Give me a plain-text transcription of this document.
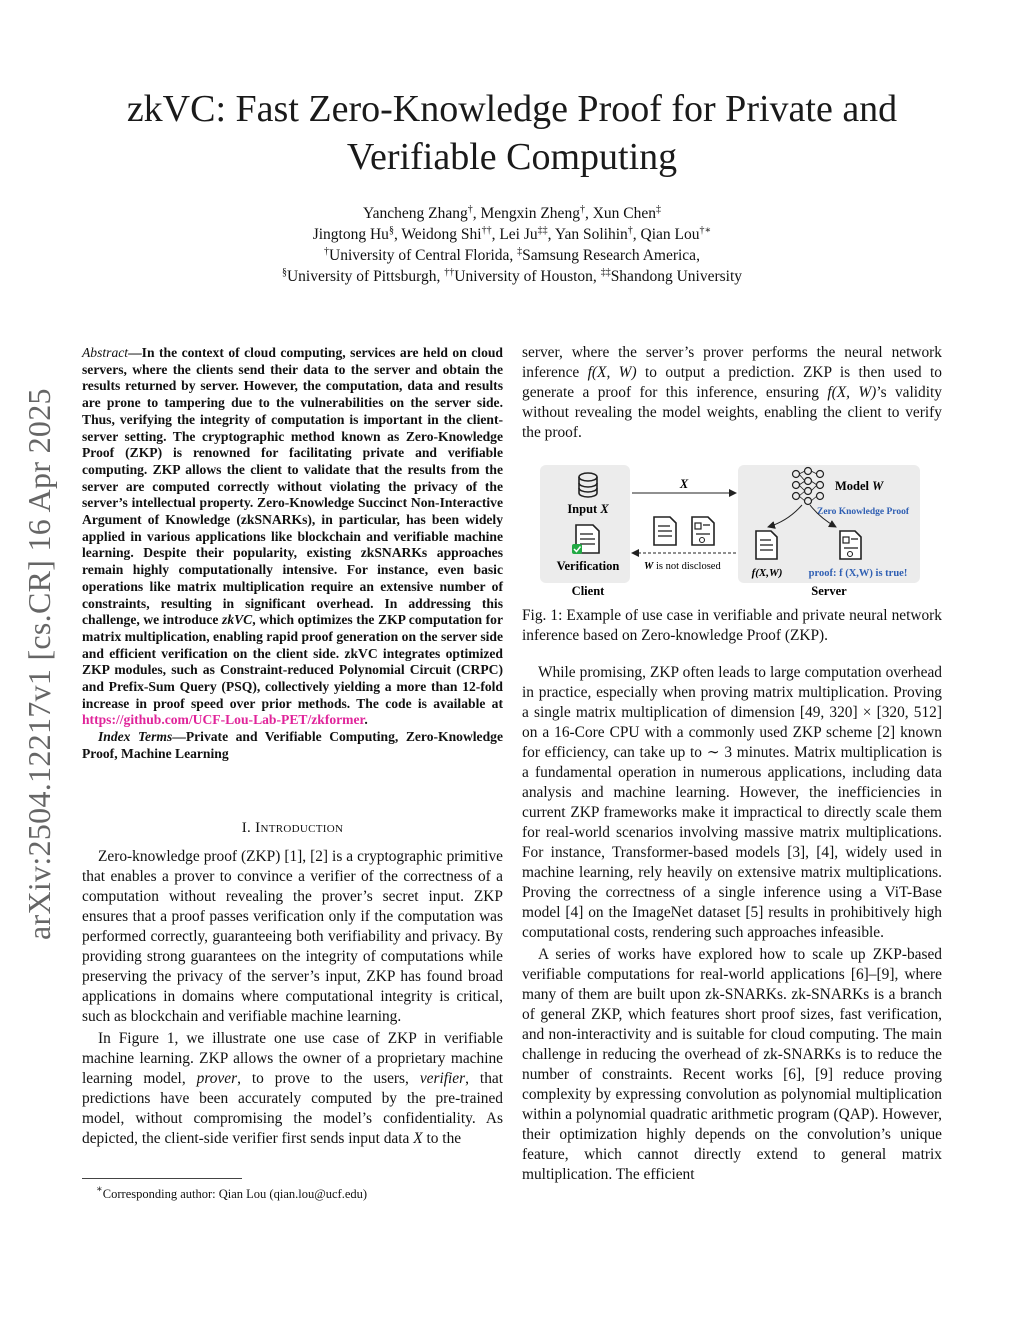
zkVC: Fast Zero-Knowledge Proof for Private and
Verifiable Computing
Yancheng Zhang†, Mengxin Zheng†, Xun Chen‡
Jingtong Hu§, Weidong Shi††, Lei Ju‡‡, Yan Solihin†, Qian Lou†∗
†University of Central Florida, ‡Samsung Research America,
§University of Pittsburgh, ††University of Houston, ‡‡Shandong University
arXiv:2504.12217v1 [cs.CR] 16 Apr 2025
Abstract—In the context of cloud computing, services are held on cloud servers, where the clients send their data to the server and obtain the results returned by server. However, the computation, data and results are prone to tampering due to the vulnerabilities on the server side. Thus, verifying the integrity of computation is important in the client-server setting. The cryptographic method known as Zero-Knowledge Proof (ZKP) is renowned for facilitating private and verifiable computing. ZKP allows the client to validate that the results from the server are computed correctly without violating the privacy of the server’s intellectual property. Zero-Knowledge Succinct Non-Interactive Argument of Knowledge (zkSNARKs), in particular, has been widely applied in various applications like blockchain and verifiable machine learning. Despite their popularity, existing zkSNARKs approaches remain highly computationally intensive. For instance, even basic operations like matrix multiplication require an extensive number of constraints, resulting in significant overhead. In addressing this challenge, we introduce zkVC, which optimizes the ZKP computation for matrix multiplication, enabling rapid proof generation on the server side and efficient verification on the client side. zkVC integrates optimized ZKP modules, such as Constraint-reduced Polynomial Circuit (CRPC) and Prefix-Sum Query (PSQ), collectively yielding a more than 12-fold increase in proof speed over prior methods. The code is available at https://github.com/UCF-Lou-Lab-PET/zkformer.
Index Terms—Private and Verifiable Computing, Zero-Knowledge Proof, Machine Learning
I. Introduction

Zero-knowledge proof (ZKP) [1], [2] is a cryptographic primitive that enables a prover to convince a verifier of the correctness of a computation without revealing the prover’s secret input. ZKP ensures that a proof passes verification only if the computation was performed correctly, guaranteeing both verifiability and privacy. By providing strong guarantees on the integrity of computations while preserving the privacy of the server’s input, ZKP has found broad applications in domains where computational integrity is critical, such as blockchain and verifiable machine learning.

In Figure 1, we illustrate one use case of ZKP in verifiable machine learning. ZKP allows the owner of a proprietary machine learning model, prover, to prove to the users, verifier, that predictions have been accurately computed by the pre-trained model, without compromising the model’s confidentiality. As depicted, the client-side verifier first sends input data X to the

∗Corresponding author: Qian Lou (qian.lou@ucf.edu)

server, where the server’s prover performs the neural network inference f(X, W) to output a prediction. ZKP is then used to generate a proof for this inference, ensuring f(X, W)’s validity without revealing the model weights, enabling the client to verify the proof.

Input X
Verification
Client
X
W is not disclosed
Model W
Zero Knowledge Proof
f(X,W) proof: f (X,W) is true!
Server
Fig. 1: Example of use case in verifiable and private neural network inference based on Zero-knowledge Proof (ZKP).

While promising, ZKP often leads to large computation overhead in practice, especially when proving matrix multiplication. Proving a single matrix multiplication of dimension [49, 320] × [320, 512] on a 16-Core CPU with a commonly used ZKP scheme [2] known for efficiency, can take up to ∼ 3 minutes. Matrix multiplication is a fundamental operation in numerous applications, including data analysis and machine learning. However, the inefficiencies in current ZKP frameworks make it impractical to directly scale them for real-world scenarios involving massive matrix multiplications. For instance, Transformer-based models [3], [4], widely used in machine learning, rely heavily on extensive matrix multiplications. Proving the correctness of a single inference using a ViT-Base model [4] on the ImageNet dataset [5] results in prohibitively high computational costs, rendering such approaches infeasible.

A series of works have explored how to scale up ZKP-based verifiable computations for real-world applications [6]–[9], where many of them are built upon zk-SNARKs. zk-SNARKs is a branch of general ZKP, which features short proof sizes, fast verification, and non-interactivity and is suitable for cloud computing. The main challenge in reducing the overhead of zk-SNARKs is to reduce the number of constraints. Recent works [6], [9] reduce proving complexity by expressing convolution as polynomial multiplication within a polynomial quadratic arithmetic program (QAP). However, their optimization highly depends on the convolution’s unique feature, which cannot directly extend to general matrix multiplication. The efficient
